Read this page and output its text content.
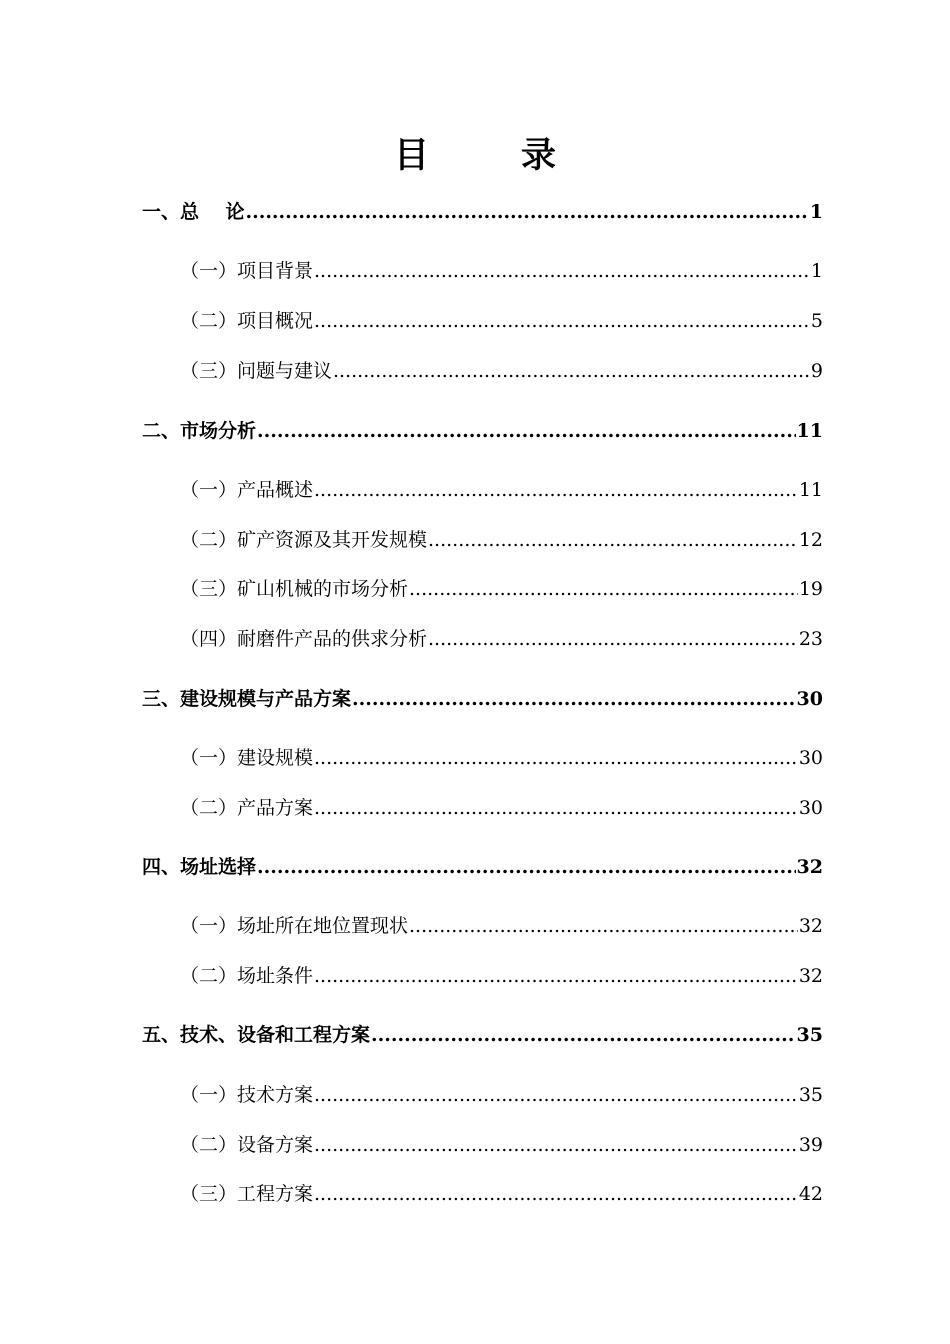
目	录
一、总    论 .....	1
（一）项目背景 .....	1
（二）项目概况 .....	5
（三）问题与建议 .....	9
二、市场分析 .....	11
（一）产品概述 .....	11
（二）矿产资源及其开发规模 .....	12
（三）矿山机械的市场分析 .....	19
（四）耐磨件产品的供求分析 .....	23
三、建设规模与产品方案 .....	30
（一）建设规模 .....	30
（二）产品方案 .....	30
四、场址选择 .....	32
（一）场址所在地位置现状 .....	32
（二）场址条件 .....	32
五、技术、设备和工程方案 .....	35
（一）技术方案 .....	35
（二）设备方案 .....	39
（三）工程方案 .....	42
